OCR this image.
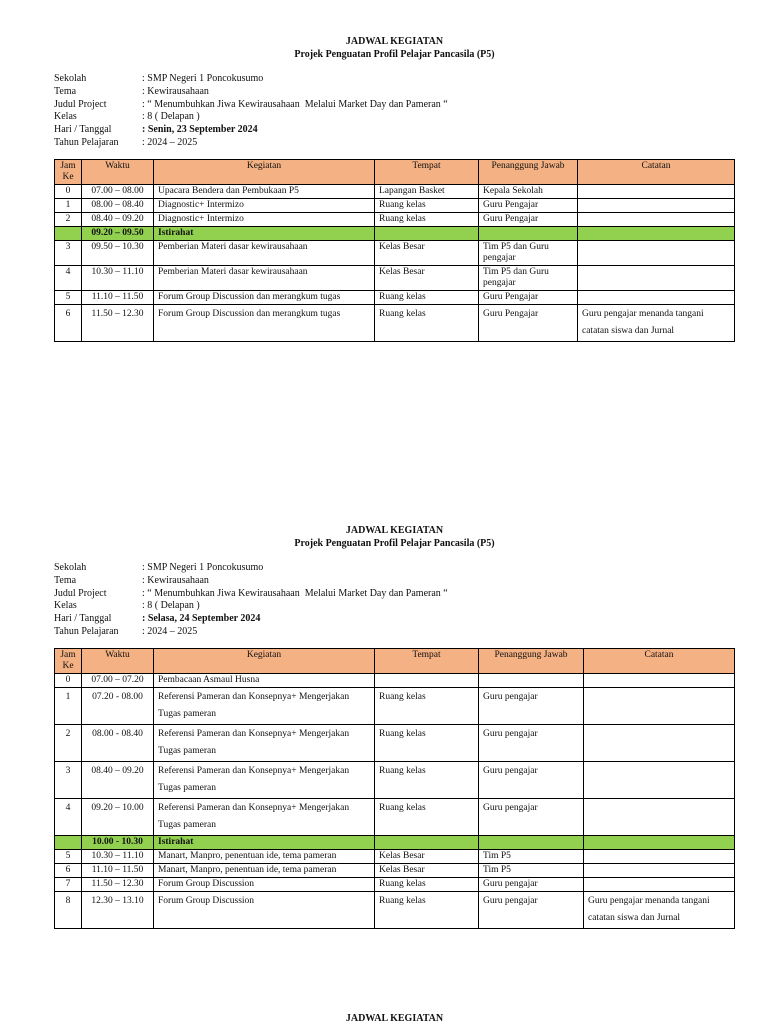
JADWAL KEGIATAN
Projek Penguatan Profil Pelajar Pancasila (P5)
Sekolah	: SMP Negeri 1 Poncokusumo
Tema	: Kewirausahaan
Judul Project	: “ Menumbuhkan Jiwa Kewirausahaan  Melalui Market Day dan Pameran “
Kelas	: 8 ( Delapan )
Hari / Tanggal	: Senin, 23 September 2024
Tahun Pelajaran	: 2024 – 2025
Jam Ke	Waktu	Kegiatan	Tempat	Penanggung Jawab	Catatan
0	07.00 – 08.00	Upacara Bendera dan Pembukaan P5	Lapangan Basket	Kepala Sekolah	
1	08.00 – 08.40	Diagnostic+ Intermizo	Ruang kelas	Guru Pengajar	
2	08.40 – 09.20	Diagnostic+ Intermizo	Ruang kelas	Guru Pengajar	
	09.20 – 09.50	Istirahat			
3	09.50 – 10.30	Pemberian Materi dasar kewirausahaan	Kelas Besar	Tim P5 dan Guru pengajar	
4	10.30 – 11.10	Pemberian Materi dasar kewirausahaan	Kelas Besar	Tim P5 dan Guru pengajar	
5	11.10 – 11.50	Forum Group Discussion dan merangkum tugas	Ruang kelas	Guru Pengajar	
6	11.50 – 12.30	Forum Group Discussion dan merangkum tugas	Ruang kelas	Guru Pengajar	Guru pengajar menanda tangani catatan siswa dan Jurnal
JADWAL KEGIATAN
Projek Penguatan Profil Pelajar Pancasila (P5)
Sekolah	: SMP Negeri 1 Poncokusumo
Tema	: Kewirausahaan
Judul Project	: “ Menumbuhkan Jiwa Kewirausahaan  Melalui Market Day dan Pameran “
Kelas	: 8 ( Delapan )
Hari / Tanggal	: Selasa, 24 September 2024
Tahun Pelajaran	: 2024 – 2025
Jam Ke	Waktu	Kegiatan	Tempat	Penanggung Jawab	Catatan
0	07.00 – 07.20	Pembacaan Asmaul Husna			
1	07.20 - 08.00	Referensi Pameran dan Konsepnya+ Mengerjakan Tugas pameran	Ruang kelas	Guru pengajar	
2	08.00 - 08.40	Referensi Pameran dan Konsepnya+ Mengerjakan Tugas pameran	Ruang kelas	Guru pengajar	
3	08.40 – 09.20	Referensi Pameran dan Konsepnya+ Mengerjakan Tugas pameran	Ruang kelas	Guru pengajar	
4	09.20 – 10.00	Referensi Pameran dan Konsepnya+ Mengerjakan Tugas pameran	Ruang kelas	Guru pengajar	
	10.00 - 10.30	Istirahat			
5	10.30 – 11.10	Manart, Manpro, penentuan ide, tema pameran	Kelas Besar	Tim P5	
6	11.10 – 11.50	Manart, Manpro, penentuan ide, tema pameran	Kelas Besar	Tim P5	
7	11.50 – 12.30	Forum Group Discussion	Ruang kelas	Guru pengajar	
8	12.30 – 13.10	Forum Group Discussion	Ruang kelas	Guru pengajar	Guru pengajar menanda tangani catatan siswa dan Jurnal
JADWAL KEGIATAN
